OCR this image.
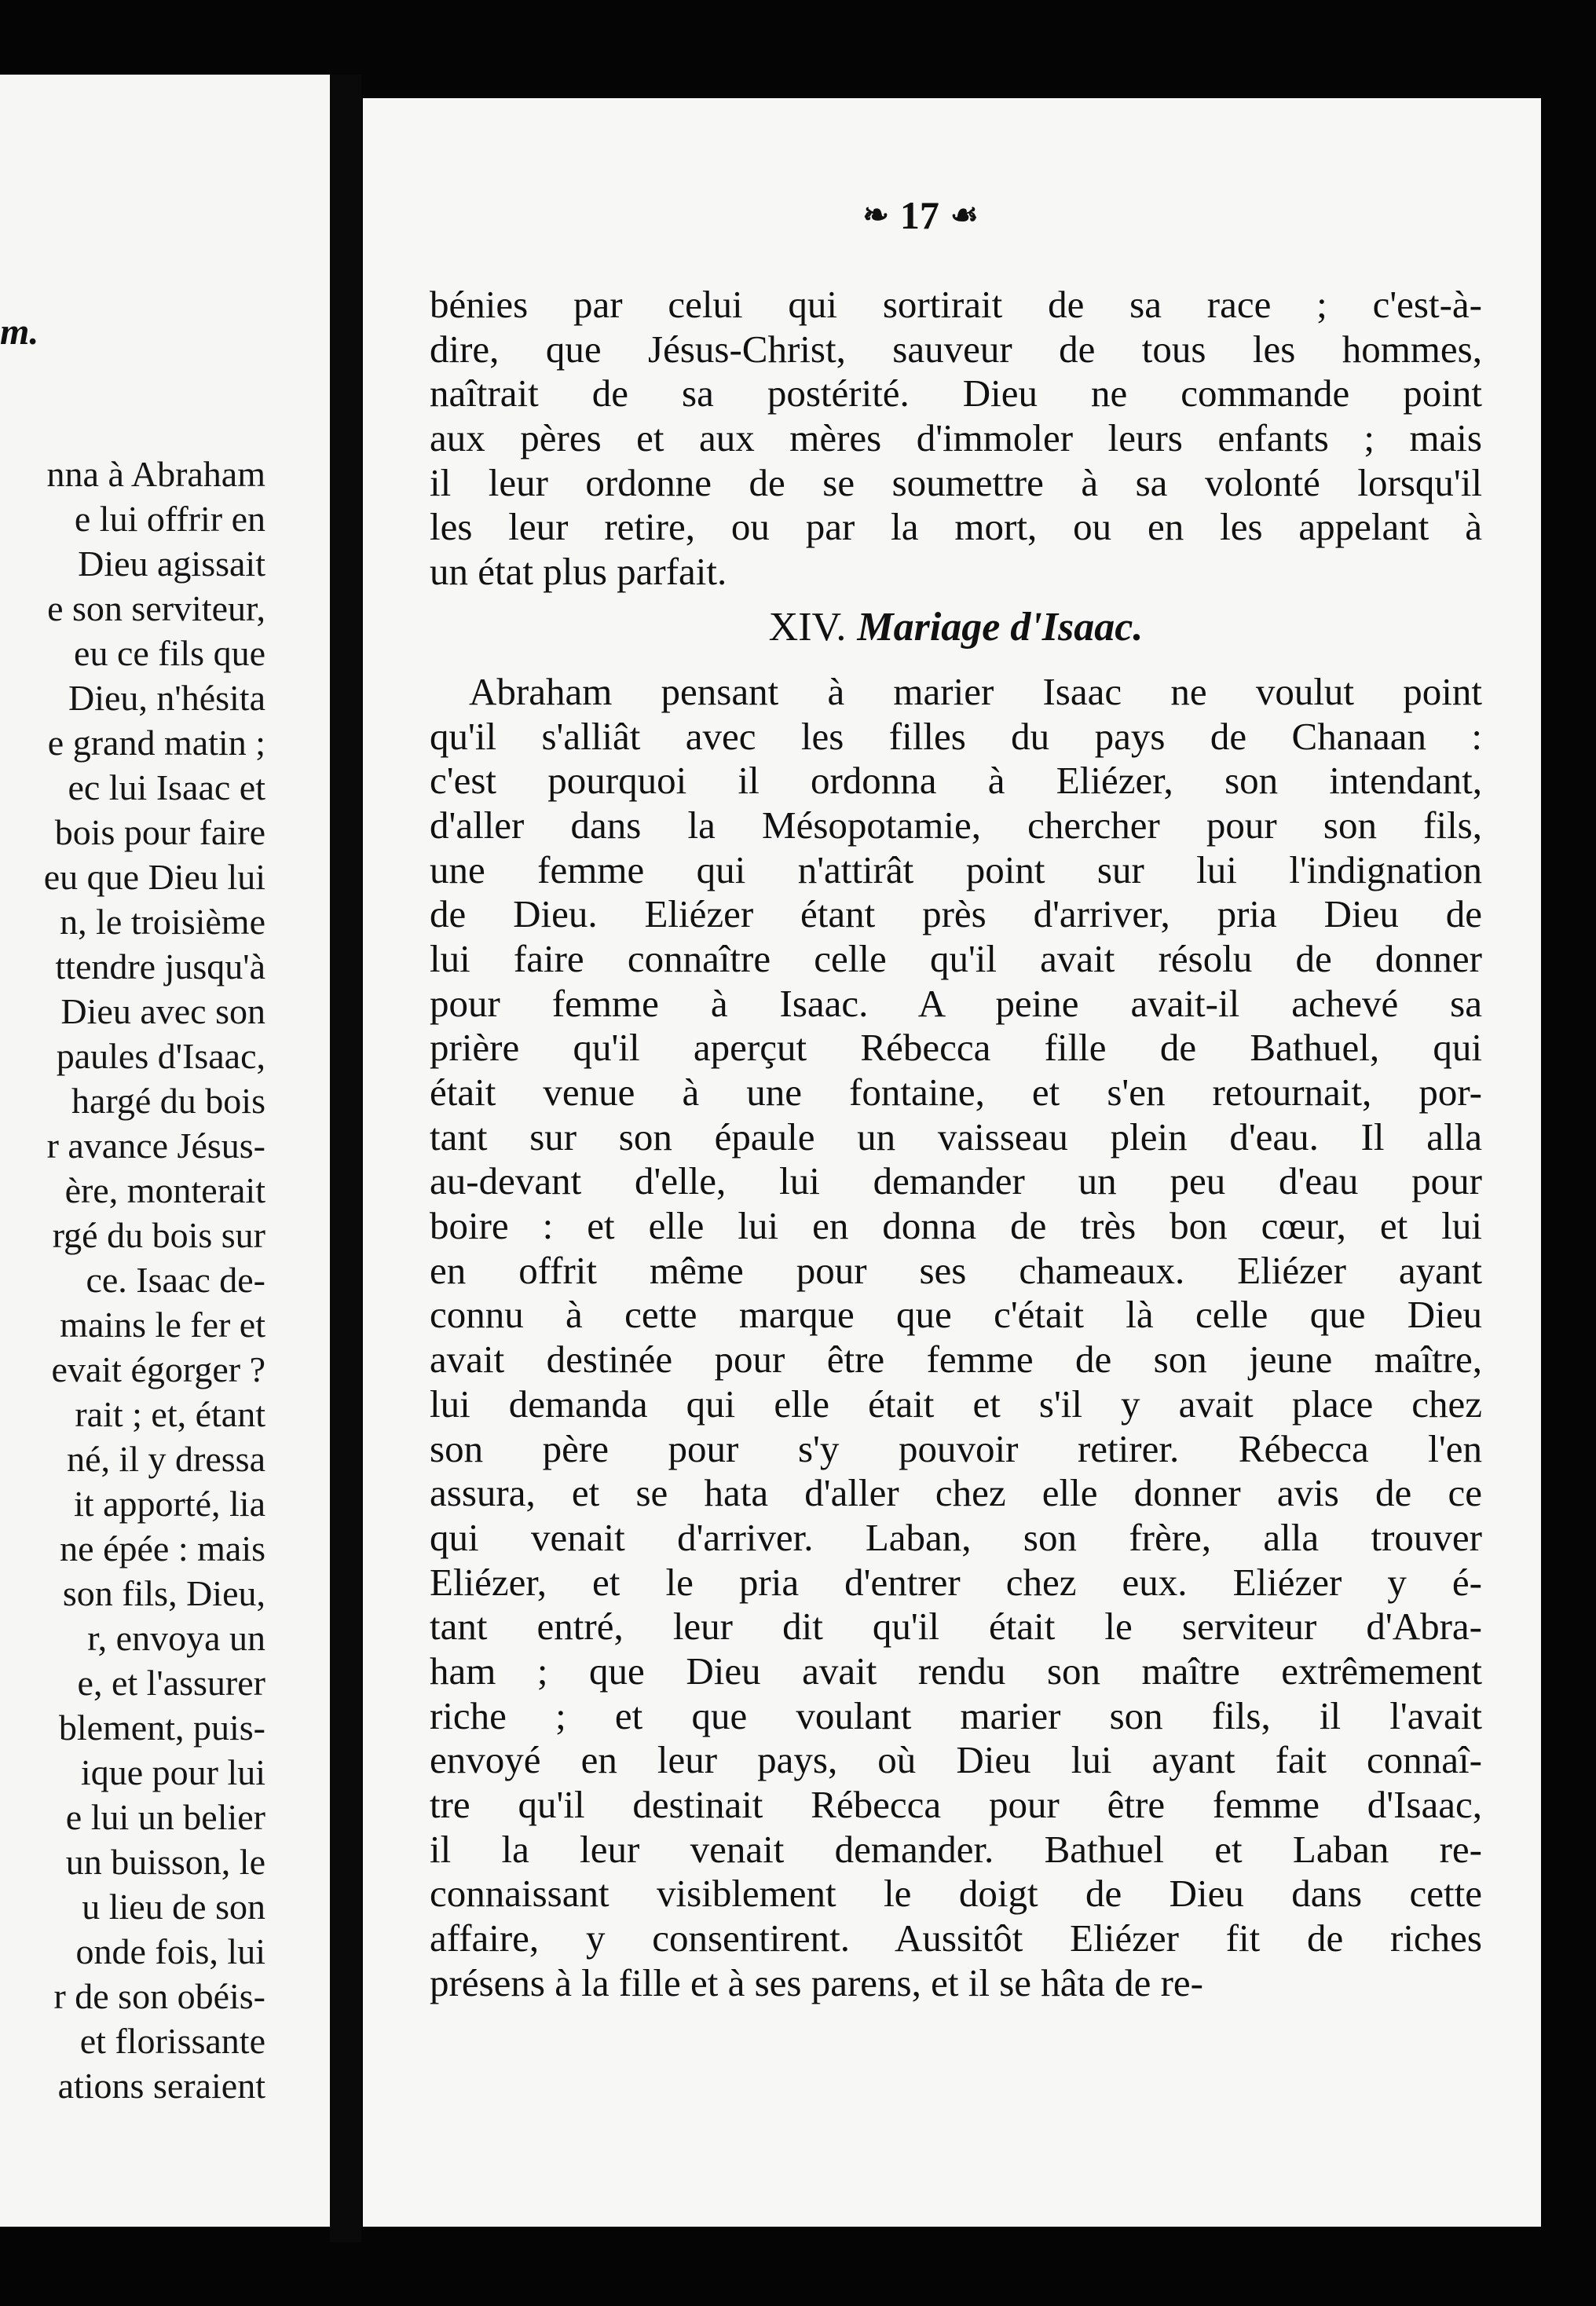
m.
nna à Abraham
e lui offrir en
Dieu agissait
e son serviteur,
eu ce fils que
Dieu, n'hésita
e grand matin ;
ec lui Isaac et
bois pour faire
eu que Dieu lui
n, le troisième
ttendre jusqu'à
Dieu avec son
paules d'Isaac,
hargé du bois
r avance Jésus-
ère, monterait
rgé du bois sur
ce. Isaac de-
mains le fer et
evait égorger ?
rait ; et, étant
né, il y dressa
it apporté, lia
ne épée : mais
son fils, Dieu,
r, envoya un
e, et l'assurer
blement, puis-
ique pour lui
e lui un belier
un buisson, le
u lieu de son
onde fois, lui
r de son obéis-
et florissante
ations seraient
❧ 17 ☙
bénies par celui qui sortirait de sa race ; c'est-à-
dire, que Jésus-Christ, sauveur de tous les hommes,
naîtrait de sa postérité. Dieu ne commande point
aux pères et aux mères d'immoler leurs enfants ; mais
il leur ordonne de se soumettre à sa volonté lorsqu'il
les leur retire, ou par la mort, ou en les appelant à
un état plus parfait.
XIV. Mariage d'Isaac.
Abraham pensant à marier Isaac ne voulut point
qu'il s'alliât avec les filles du pays de Chanaan :
c'est pourquoi il ordonna à Eliézer, son intendant,
d'aller dans la Mésopotamie, chercher pour son fils,
une femme qui n'attirât point sur lui l'indignation
de Dieu. Eliézer étant près d'arriver, pria Dieu de
lui faire connaître celle qu'il avait résolu de donner
pour femme à Isaac. A peine avait-il achevé sa
prière qu'il aperçut Rébecca fille de Bathuel, qui
était venue à une fontaine, et s'en retournait, por-
tant sur son épaule un vaisseau plein d'eau. Il alla
au-devant d'elle, lui demander un peu d'eau pour
boire : et elle lui en donna de très bon cœur, et lui
en offrit même pour ses chameaux. Eliézer ayant
connu à cette marque que c'était là celle que Dieu
avait destinée pour être femme de son jeune maître,
lui demanda qui elle était et s'il y avait place chez
son père pour s'y pouvoir retirer. Rébecca l'en
assura, et se hata d'aller chez elle donner avis de ce
qui venait d'arriver. Laban, son frère, alla trouver
Eliézer, et le pria d'entrer chez eux. Eliézer y é-
tant entré, leur dit qu'il était le serviteur d'Abra-
ham ; que Dieu avait rendu son maître extrêmement
riche ; et que voulant marier son fils, il l'avait
envoyé en leur pays, où Dieu lui ayant fait connaî-
tre qu'il destinait Rébecca pour être femme d'Isaac,
il la leur venait demander. Bathuel et Laban re-
connaissant visiblement le doigt de Dieu dans cette
affaire, y consentirent. Aussitôt Eliézer fit de riches
présens à la fille et à ses parens, et il se hâta de re-
